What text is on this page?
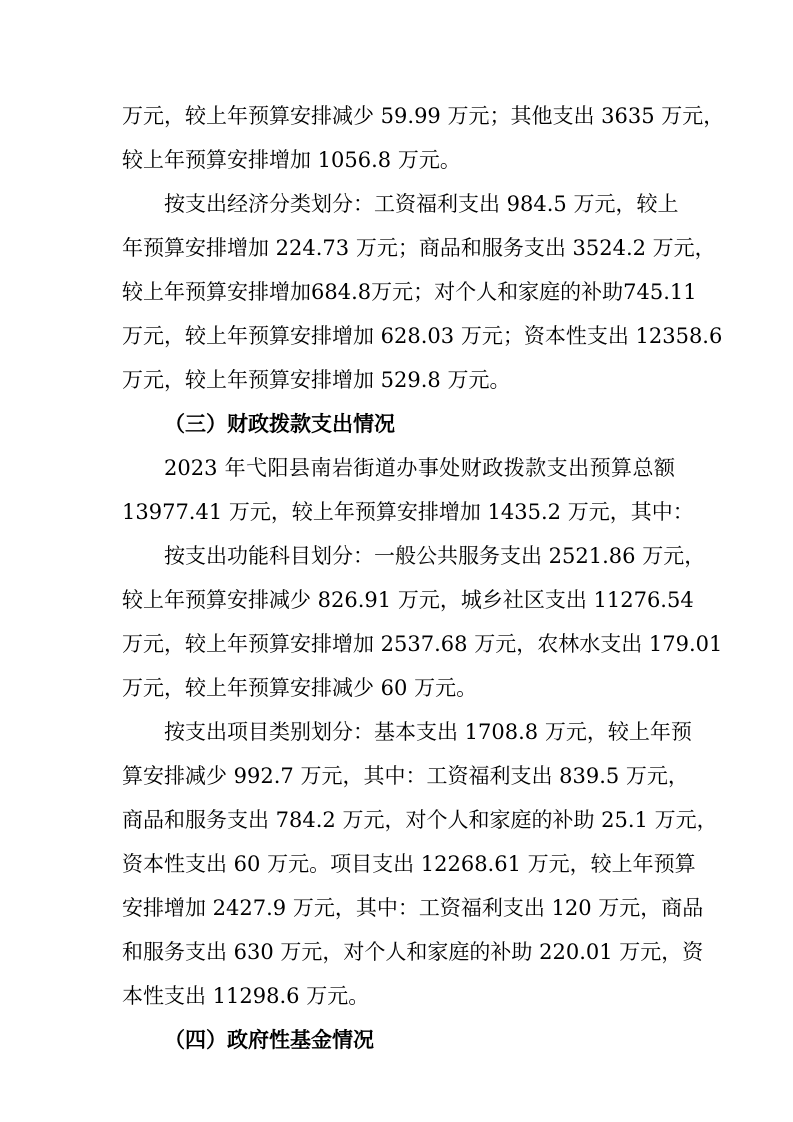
万元，较上年预算安排减少 59.99 万元；其他支出 3635 万元，
较上年预算安排增加 1056.8 万元。
按支出经济分类划分：工资福利支出 984.5 万元，较上
年预算安排增加 224.73 万元；商品和服务支出 3524.2 万元，
较上年预算安排增加684.8万元；对个人和家庭的补助745.11
万元，较上年预算安排增加 628.03 万元；资本性支出 12358.6
万元，较上年预算安排增加 529.8 万元。
（三）财政拨款支出情况
2023 年弋阳县南岩街道办事处财政拨款支出预算总额
13977.41 万元，较上年预算安排增加 1435.2 万元，其中：
按支出功能科目划分：一般公共服务支出 2521.86 万元，
较上年预算安排减少 826.91 万元，城乡社区支出 11276.54
万元，较上年预算安排增加 2537.68 万元，农林水支出 179.01
万元，较上年预算安排减少 60 万元。
按支出项目类别划分：基本支出 1708.8 万元，较上年预
算安排减少 992.7 万元，其中：工资福利支出 839.5 万元，
商品和服务支出 784.2 万元，对个人和家庭的补助 25.1 万元，
资本性支出 60 万元。项目支出 12268.61 万元，较上年预算
安排增加 2427.9 万元，其中：工资福利支出 120 万元，商品
和服务支出 630 万元，对个人和家庭的补助 220.01 万元，资
本性支出 11298.6 万元。
（四）政府性基金情况
